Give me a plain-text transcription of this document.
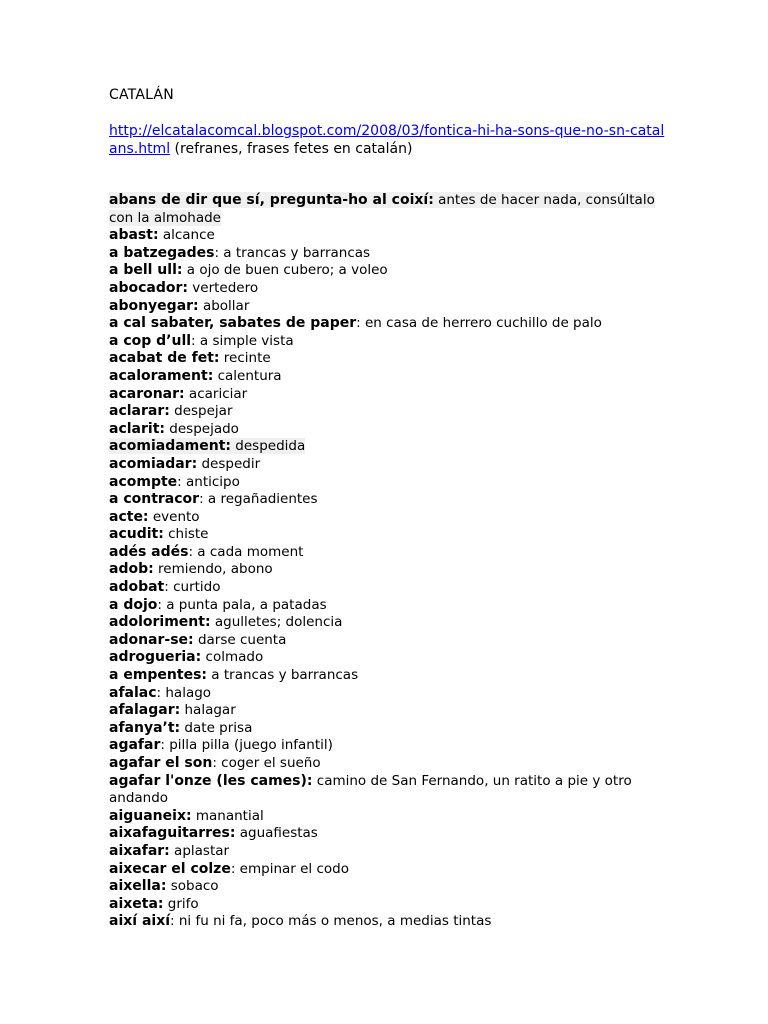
CATALÁN
http://elcatalacomcal.blogspot.com/2008/03/fontica-hi-ha-sons-que-no-sn-catalans.html (refranes, frases fetes en catalán)
abans de dir que sí, pregunta-ho al coixí: antes de hacer nada, consúltalo con la almohade
abast: alcance
a batzegades: a trancas y barrancas
a bell ull: a ojo de buen cubero; a voleo
abocador: vertedero
abonyegar: abollar
a cal sabater, sabates de paper: en casa de herrero cuchillo de palo
a cop d’ull: a simple vista
acabat de fet: recinte
acalorament: calentura
acaronar: acariciar
aclarar: despejar
aclarit: despejado
acomiadament: despedida
acomiadar: despedir
acompte: anticipo
a contracor: a regañadientes
acte: evento
acudit: chiste
adés adés: a cada moment
adob: remiendo, abono
adobat: curtido
a dojo: a punta pala, a patadas
adoloriment: agulletes; dolencia
adonar-se: darse cuenta
adrogueria: colmado
a empentes: a trancas y barrancas
afalac: halago
afalagar: halagar
afanya’t: date prisa
agafar: pilla pilla (juego infantil)
agafar el son: coger el sueño
agafar l'onze (les cames): camino de San Fernando, un ratito a pie y otro andando
aiguaneix: manantial
aixafaguitarres: aguafiestas
aixafar: aplastar
aixecar el colze: empinar el codo
aixella: sobaco
aixeta: grifo
així així: ni fu ni fa, poco más o menos, a medias tintas
